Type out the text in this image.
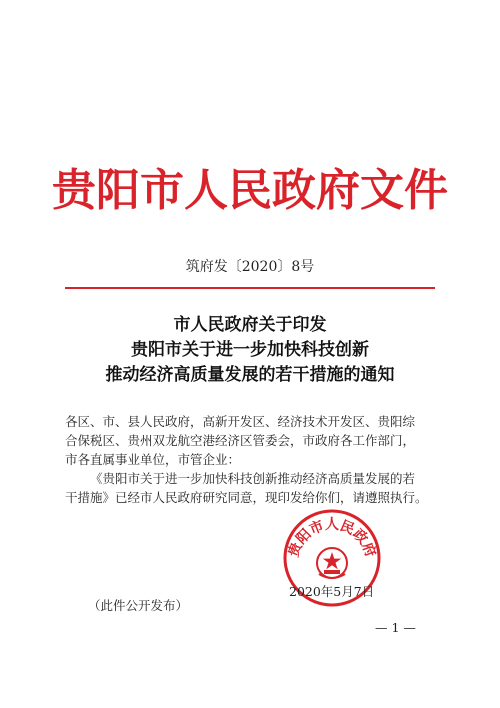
贵阳市人民政府文件
筑府发〔2020〕8号
市人民政府关于印发
贵阳市关于进一步加快科技创新
推动经济高质量发展的若干措施的通知

各区、市、县人民政府，高新开发区、经济技术开发区、贵阳综

合保税区、贵州双龙航空港经济区管委会，市政府各工作部门，

市各直属事业单位，市管企业：

《贵阳市关于进一步加快科技创新推动经济高质量发展的若

干措施》已经市人民政府研究同意，现印发给你们，请遵照执行。

贵阳市人民政府
2020年5月7日
（此件公开发布）
— 1 —
